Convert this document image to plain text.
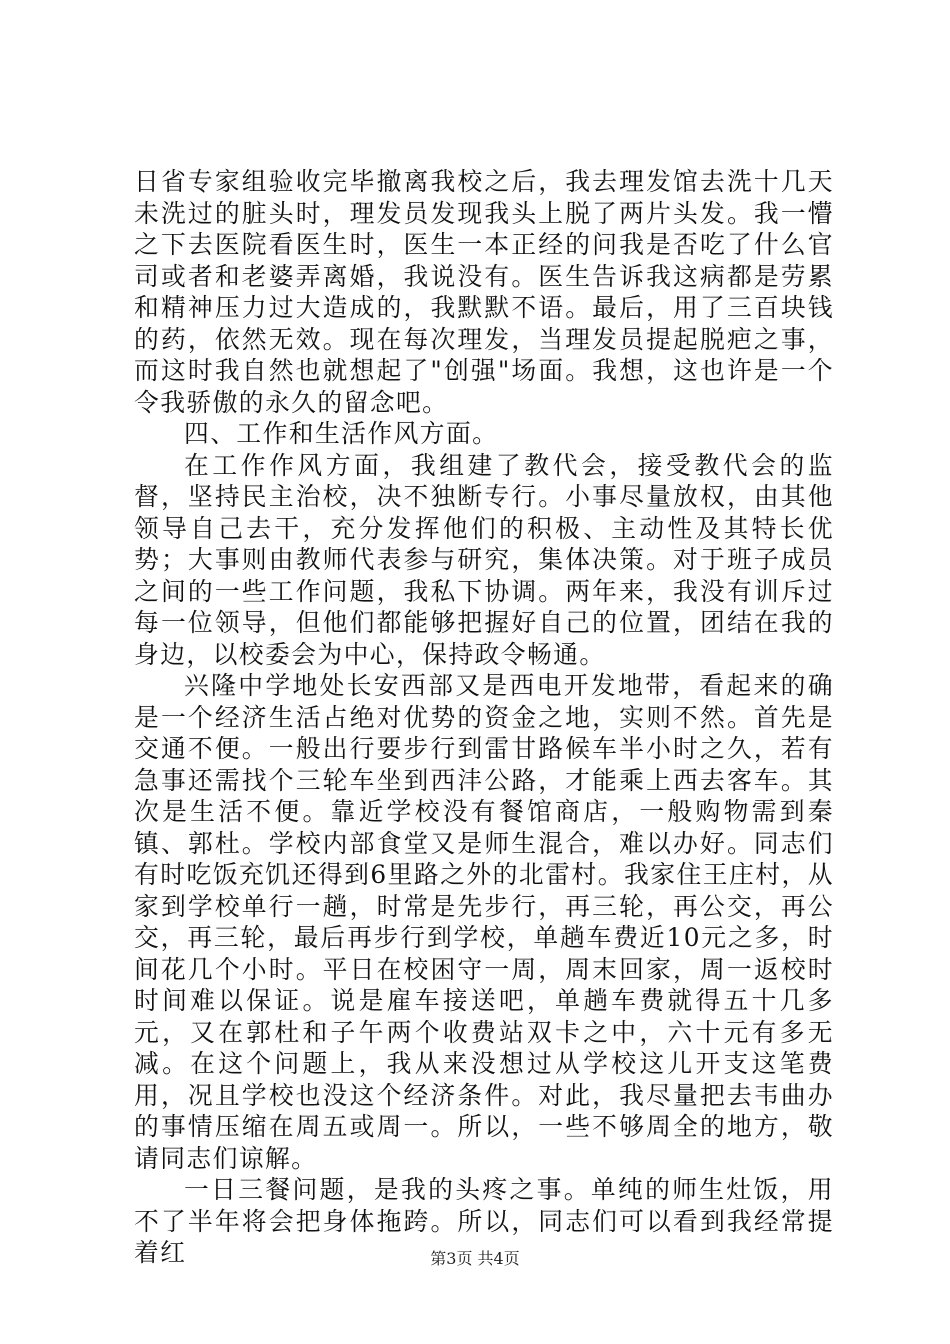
日省专家组验收完毕撤离我校之后，我去理发馆去洗十几天未洗过的脏头时，理发员发现我头上脱了两片头发。我一懵之下去医院看医生时，医生一本正经的问我是否吃了什么官司或者和老婆弄离婚，我说没有。医生告诉我这病都是劳累和精神压力过大造成的，我默默不语。最后，用了三百块钱的药，依然无效。现在每次理发，当理发员提起脱疤之事，而这时我自然也就想起了"创强"场面。我想，这也许是一个令我骄傲的永久的留念吧。

四、工作和生活作风方面。

在工作作风方面，我组建了教代会，接受教代会的监督，坚持民主治校，决不独断专行。小事尽量放权，由其他领导自己去干，充分发挥他们的积极、主动性及其特长优势；大事则由教师代表参与研究，集体决策。对于班子成员之间的一些工作问题，我私下协调。两年来，我没有训斥过每一位领导，但他们都能够把握好自己的位置，团结在我的身边，以校委会为中心，保持政令畅通。

兴隆中学地处长安西部又是西电开发地带，看起来的确是一个经济生活占绝对优势的资金之地，实则不然。首先是交通不便。一般出行要步行到雷甘路候车半小时之久，若有急事还需找个三轮车坐到西沣公路，才能乘上西去客车。其次是生活不便。靠近学校没有餐馆商店，一般购物需到秦镇、郭杜。学校内部食堂又是师生混合，难以办好。同志们有时吃饭充饥还得到6里路之外的北雷村。我家住王庄村，从家到学校单行一趟，时常是先步行，再三轮，再公交，再公交，再三轮，最后再步行到学校，单趟车费近10元之多，时间花几个小时。平日在校困守一周，周末回家，周一返校时时间难以保证。说是雇车接送吧，单趟车费就得五十几多元，又在郭杜和子午两个收费站双卡之中，六十元有多无减。在这个问题上，我从来没想过从学校这儿开支这笔费用，况且学校也没这个经济条件。对此，我尽量把去韦曲办的事情压缩在周五或周一。所以，一些不够周全的地方，敬请同志们谅解。

一日三餐问题，是我的头疼之事。单纯的师生灶饭，用不了半年将会把身体拖跨。所以，同志们可以看到我经常提着红	第3页 共4页
